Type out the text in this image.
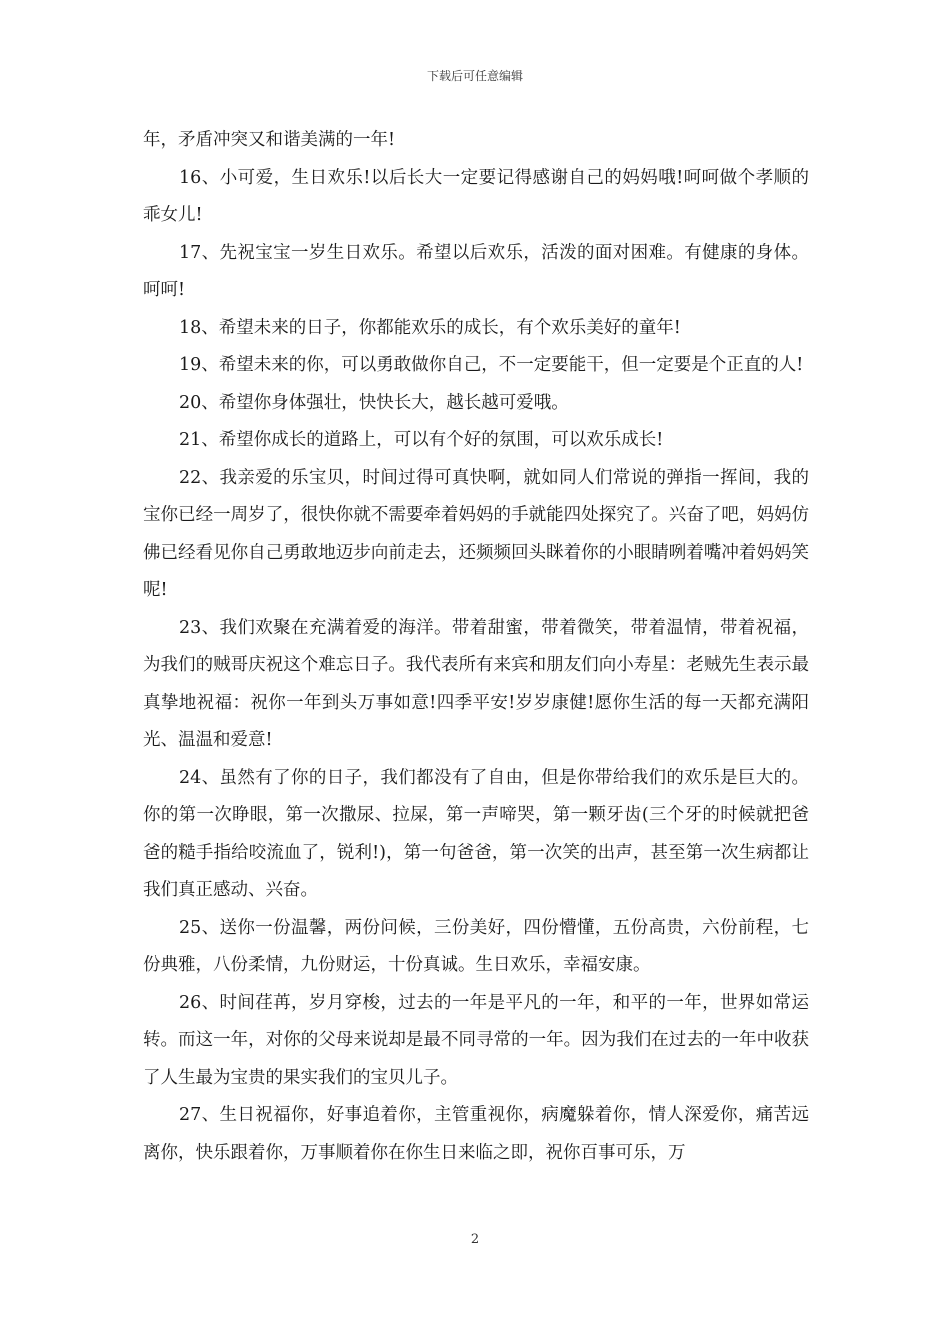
下载后可任意编辑

年，矛盾冲突又和谐美满的一年!

16、小可爱，生日欢乐!以后长大一定要记得感谢自己的妈妈哦!呵呵做个孝顺的乖女儿!

17、先祝宝宝一岁生日欢乐。希望以后欢乐，活泼的面对困难。有健康的身体。呵呵!

18、希望未来的日子，你都能欢乐的成长，有个欢乐美好的童年!

19、希望未来的你，可以勇敢做你自己，不一定要能干，但一定要是个正直的人!

20、希望你身体强壮，快快长大，越长越可爱哦。

21、希望你成长的道路上，可以有个好的氛围，可以欢乐成长!

22、我亲爱的乐宝贝，时间过得可真快啊，就如同人们常说的弹指一挥间，我的宝你已经一周岁了，很快你就不需要牵着妈妈的手就能四处探究了。兴奋了吧，妈妈仿佛已经看见你自己勇敢地迈步向前走去，还频频回头眯着你的小眼睛咧着嘴冲着妈妈笑呢!

23、我们欢聚在充满着爱的海洋。带着甜蜜，带着微笑，带着温情，带着祝福，为我们的贼哥庆祝这个难忘日子。我代表所有来宾和朋友们向小寿星：老贼先生表示最真挚地祝福：祝你一年到头万事如意!四季平安!岁岁康健!愿你生活的每一天都充满阳光、温温和爱意!

24、虽然有了你的日子，我们都没有了自由，但是你带给我们的欢乐是巨大的。你的第一次睁眼，第一次撒尿、拉屎，第一声啼哭，第一颗牙齿(三个牙的时候就把爸爸的糙手指给咬流血了，锐利!)，第一句爸爸，第一次笑的出声，甚至第一次生病都让我们真正感动、兴奋。

25、送你一份温馨，两份问候，三份美好，四份懵懂，五份高贵，六份前程，七份典雅，八份柔情，九份财运，十份真诚。生日欢乐，幸福安康。

26、时间荏苒，岁月穿梭，过去的一年是平凡的一年，和平的一年，世界如常运转。而这一年，对你的父母来说却是最不同寻常的一年。因为我们在过去的一年中收获了人生最为宝贵的果实我们的宝贝儿子。

27、生日祝福你，好事追着你，主管重视你，病魔躲着你，情人深爱你，痛苦远离你，快乐跟着你，万事顺着你在你生日来临之即，祝你百事可乐，万

2
